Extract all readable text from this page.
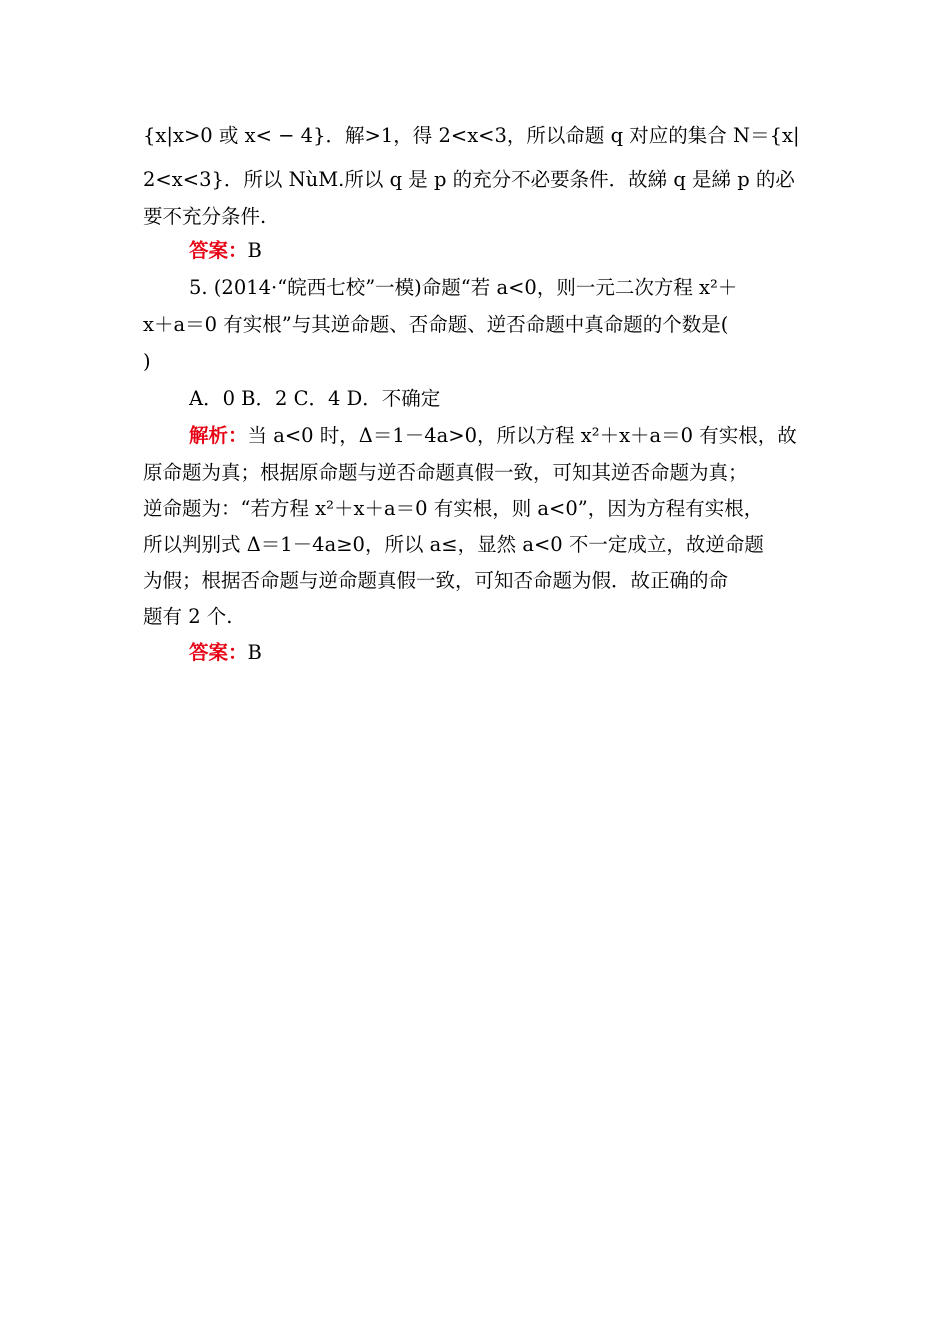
{x|x>0 或 x< − 4}．解>1，得 2<x<3，所以命题 q 对应的集合 N＝{x|
2<x<3}．所以 NùM.所以 q 是 p 的充分不必要条件．故綈 q 是綈 p 的必
要不充分条件.
答案：B
5. (2014·“皖西七校”一模)命题“若 a<0，则一元二次方程 x²＋
x＋a＝0 有实根”与其逆命题、否命题、逆否命题中真命题的个数是(
)
A．0 B．2 C．4 D．不确定
解析：当 a<0 时，Δ＝1－4a>0，所以方程 x²＋x＋a＝0 有实根，故
原命题为真；根据原命题与逆否命题真假一致，可知其逆否命题为真；
逆命题为：“若方程 x²＋x＋a＝0 有实根，则 a<0”，因为方程有实根，
所以判别式 Δ＝1－4a≥0，所以 a≤，显然 a<0 不一定成立，故逆命题
为假；根据否命题与逆命题真假一致，可知否命题为假．故正确的命
题有 2 个.
答案：B
